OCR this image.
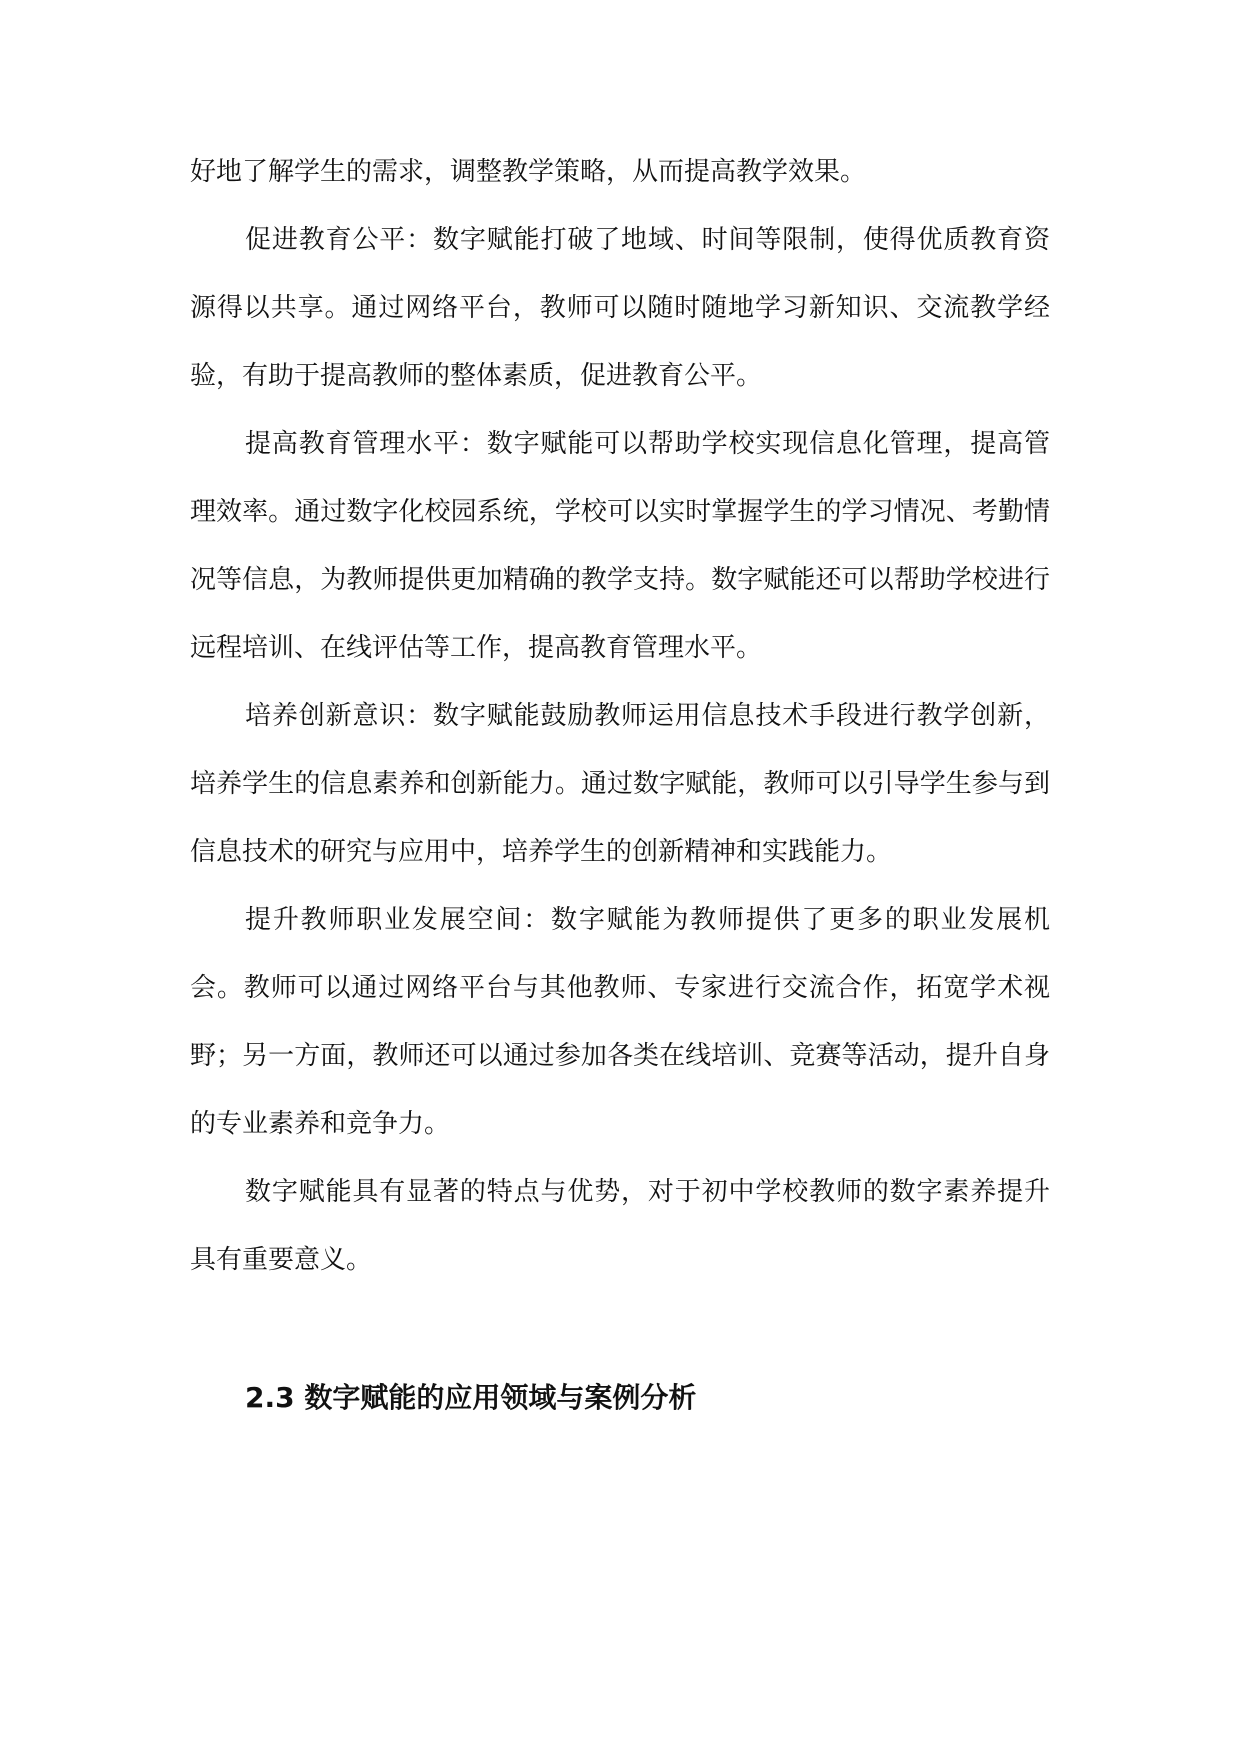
好地了解学生的需求，调整教学策略，从而提高教学效果。

促进教育公平：数字赋能打破了地域、时间等限制，使得优质教育资源得以共享。通过网络平台，教师可以随时随地学习新知识、交流教学经验，有助于提高教师的整体素质，促进教育公平。

提高教育管理水平：数字赋能可以帮助学校实现信息化管理，提高管理效率。通过数字化校园系统，学校可以实时掌握学生的学习情况、考勤情况等信息，为教师提供更加精确的教学支持。数字赋能还可以帮助学校进行远程培训、在线评估等工作，提高教育管理水平。

培养创新意识：数字赋能鼓励教师运用信息技术手段进行教学创新，培养学生的信息素养和创新能力。通过数字赋能，教师可以引导学生参与到信息技术的研究与应用中，培养学生的创新精神和实践能力。

提升教师职业发展空间：数字赋能为教师提供了更多的职业发展机会。教师可以通过网络平台与其他教师、专家进行交流合作，拓宽学术视野；另一方面，教师还可以通过参加各类在线培训、竞赛等活动，提升自身的专业素养和竞争力。

数字赋能具有显著的特点与优势，对于初中学校教师的数字素养提升具有重要意义。

2.3 数字赋能的应用领域与案例分析
